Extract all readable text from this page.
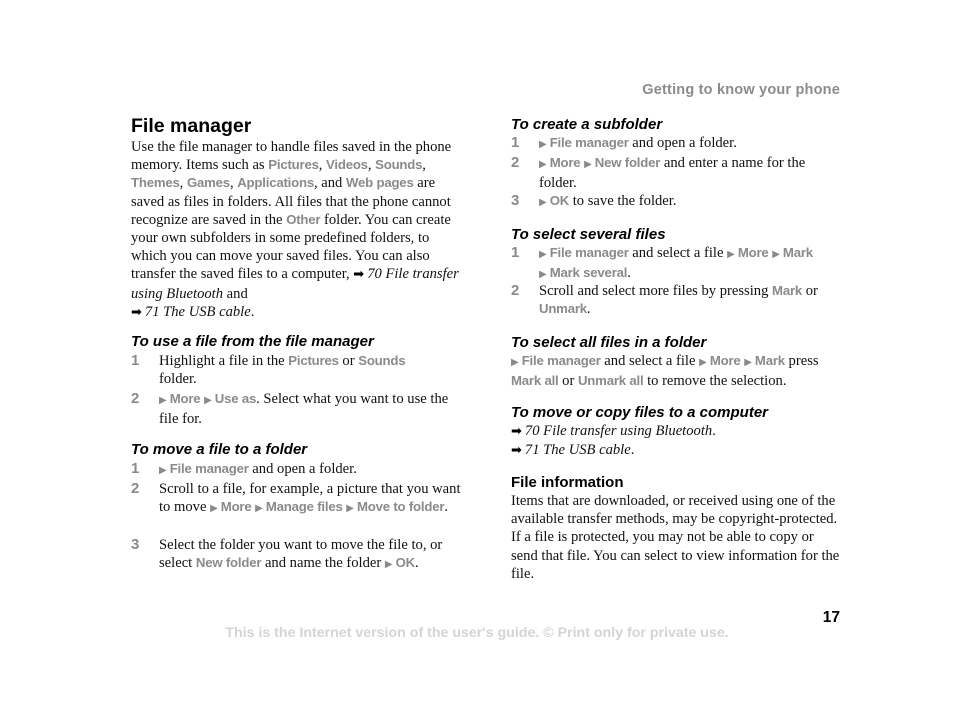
Getting to know your phone
File manager
Use the file manager to handle files saved in the phone memory. Items such as Pictures, Videos, Sounds, Themes, Games, Applications, and Web pages are saved as files in folders. All files that the phone cannot recognize are saved in the Other folder. You can create your own subfolders in some predefined folders, to which you can move your saved files. You can also transfer the saved files to a computer, ➡ 70 File transfer using Bluetooth and
➡ 71 The USB cable.
To use a file from the file manager
1 Highlight a file in the Pictures or Sounds
folder.
2 ▶ More ▶ Use as. Select what you want to use the file for.
To move a file to a folder
1 ▶ File manager and open a folder.
2 Scroll to a file, for example, a picture that you want to move ▶ More ▶ Manage files ▶ Move to folder.
3 Select the folder you want to move the file to, or select New folder and name the folder ▶ OK.
To create a subfolder
1 ▶ File manager and open a folder.
2 ▶ More ▶ New folder and enter a name for the folder.
3 ▶ OK to save the folder.
To select several files
1 ▶ File manager and select a file ▶ More ▶ Mark
▶ Mark several.
2 Scroll and select more files by pressing Mark or
Unmark.
To select all files in a folder
▶ File manager and select a file ▶ More ▶ Mark press
Mark all or Unmark all to remove the selection.
To move or copy files to a computer
➡ 70 File transfer using Bluetooth.
➡ 71 The USB cable.
File information
Items that are downloaded, or received using one of the available transfer methods, may be copyright-protected. If a file is protected, you may not be able to copy or send that file. You can select to view information for the file.
17
This is the Internet version of the user's guide. © Print only for private use.
